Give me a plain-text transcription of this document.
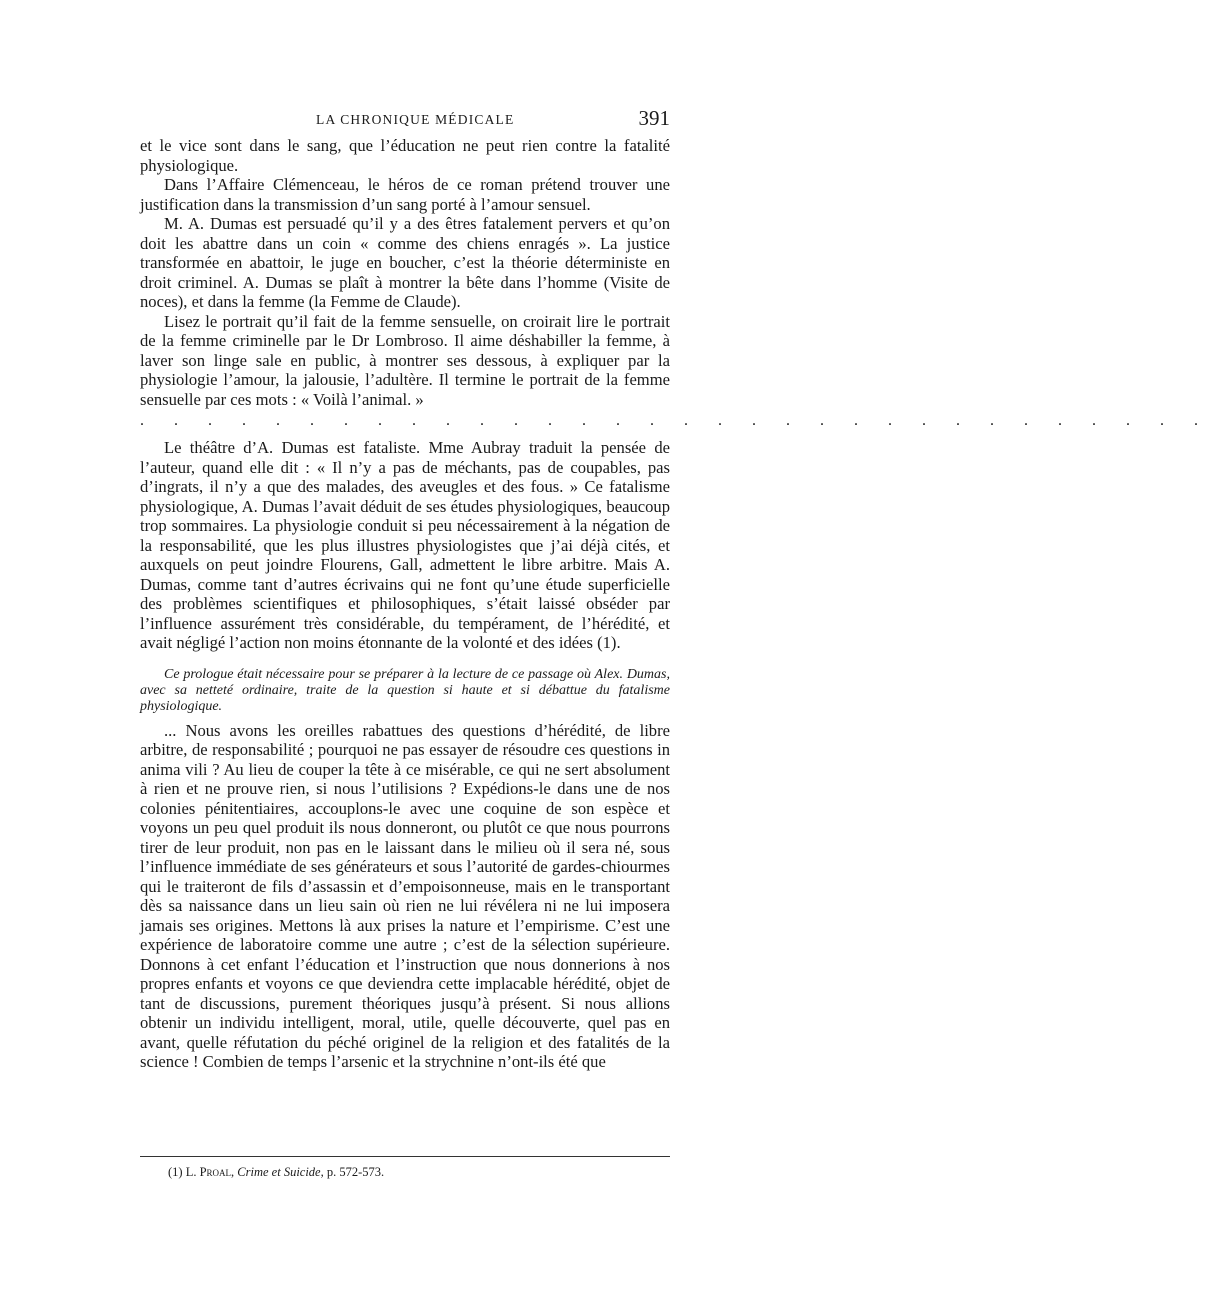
LA CHRONIQUE MÉDICALE	391

et le vice sont dans le sang, que l’éducation ne peut rien contre la fatalité physiologique.

Dans l’Affaire Clémenceau, le héros de ce roman prétend trouver une justification dans la transmission d’un sang porté à l’amour sensuel.

M. A. Dumas est persuadé qu’il y a des êtres fatalement pervers et qu’on doit les abattre dans un coin « comme des chiens enragés ». La justice transformée en abattoir, le juge en boucher, c’est la théorie déterministe en droit criminel. A. Dumas se plaît à montrer la bête dans l’homme (Visite de noces), et dans la femme (la Femme de Claude).

Lisez le portrait qu’il fait de la femme sensuelle, on croirait lire le portrait de la femme criminelle par le Dr Lombroso. Il aime déshabiller la femme, à laver son linge sale en public, à montrer ses dessous, à expliquer par la physiologie l’amour, la jalousie, l’adultère. Il termine le portrait de la femme sensuelle par ces mots : « Voilà l’animal. »

. . . . . . . . . . . . . . . . . . . . . . . . . . . . . . . .

Le théâtre d’A. Dumas est fataliste. Mme Aubray traduit la pensée de l’auteur, quand elle dit : « Il n’y a pas de méchants, pas de coupables, pas d’ingrats, il n’y a que des malades, des aveugles et des fous. » Ce fatalisme physiologique, A. Dumas l’avait déduit de ses études physiologiques, beaucoup trop sommaires. La physiologie conduit si peu nécessairement à la négation de la responsabilité, que les plus illustres physiologistes que j’ai déjà cités, et auxquels on peut joindre Flourens, Gall, admettent le libre arbitre. Mais A. Dumas, comme tant d’autres écrivains qui ne font qu’une étude superficielle des problèmes scientifiques et philosophiques, s’était laissé obséder par l’influence assurément très considérable, du tempérament, de l’hérédité, et avait négligé l’action non moins étonnante de la volonté et des idées (1).

Ce prologue était nécessaire pour se préparer à la lecture de ce passage où Alex. Dumas, avec sa netteté ordinaire, traite de la question si haute et si débattue du fatalisme physiologique.

... Nous avons les oreilles rabattues des questions d’hérédité, de libre arbitre, de responsabilité ; pourquoi ne pas essayer de résoudre ces questions in anima vili ? Au lieu de couper la tête à ce misérable, ce qui ne sert absolument à rien et ne prouve rien, si nous l’utilisions ? Expédions-le dans une de nos colonies pénitentiaires, accouplons-le avec une coquine de son espèce et voyons un peu quel produit ils nous donneront, ou plutôt ce que nous pourrons tirer de leur produit, non pas en le laissant dans le milieu où il sera né, sous l’influence immédiate de ses générateurs et sous l’autorité de gardes-chiourmes qui le traiteront de fils d’assassin et d’empoisonneuse, mais en le transportant dès sa naissance dans un lieu sain où rien ne lui révélera ni ne lui imposera jamais ses origines. Mettons là aux prises la nature et l’empirisme. C’est une expérience de laboratoire comme une autre ; c’est de la sélection supérieure. Donnons à cet enfant l’éducation et l’instruction que nous donnerions à nos propres enfants et voyons ce que deviendra cette implacable hérédité, objet de tant de discussions, purement théoriques jusqu’à présent. Si nous allions obtenir un individu intelligent, moral, utile, quelle découverte, quel pas en avant, quelle réfutation du péché originel de la religion et des fatalités de la science ! Combien de temps l’arsenic et la strychnine n’ont-ils été que

(1) L. Proal, Crime et Suicide, p. 572-573.
